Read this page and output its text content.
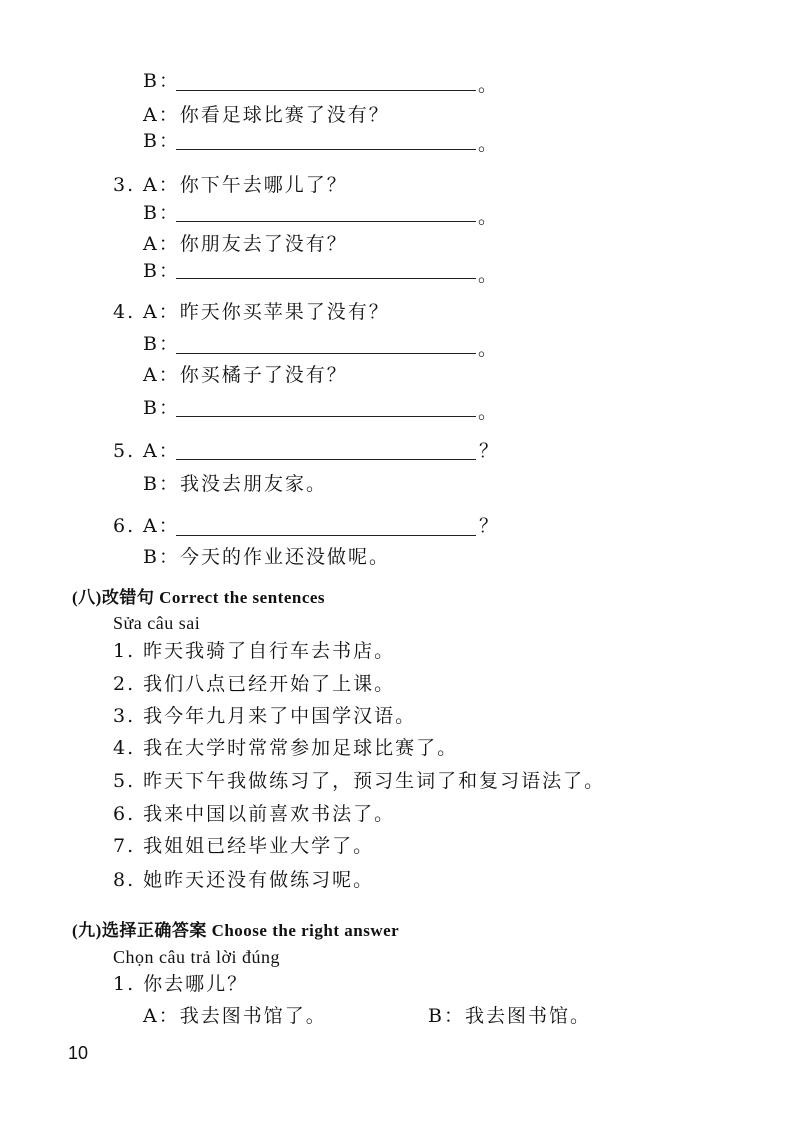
B：	。
A：你看足球比赛了没有？
B：	。
3. A：你下午去哪儿了？
B：	。
A：你朋友去了没有？
B：	。
4. A：昨天你买苹果了没有？
B：	。
A：你买橘子了没有？
B：	。
5. A：	？
B：我没去朋友家。
6. A：	？
B：今天的作业还没做呢。
(八)改错句 Correct the sentences
Sửa câu sai
1. 昨天我骑了自行车去书店。
2. 我们八点已经开始了上课。
3. 我今年九月来了中国学汉语。
4. 我在大学时常常参加足球比赛了。
5. 昨天下午我做练习了，预习生词了和复习语法了。
6. 我来中国以前喜欢书法了。
7. 我姐姐已经毕业大学了。
8. 她昨天还没有做练习呢。
(九)选择正确答案 Choose the right answer
Chọn câu trả lời đúng
1. 你去哪儿？
A：我去图书馆了。	B：我去图书馆。
10
